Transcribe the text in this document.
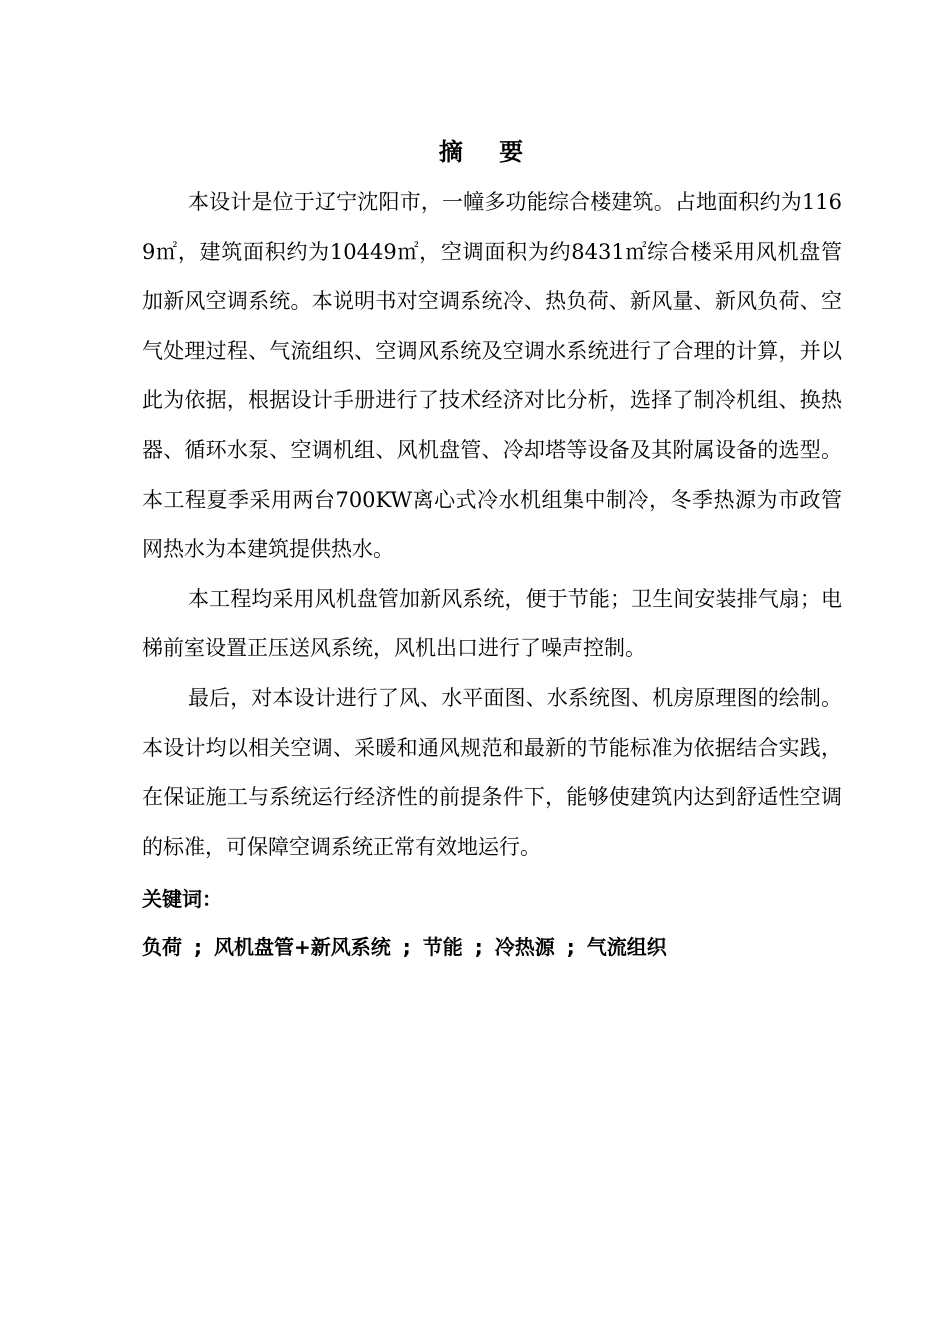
摘 要

本设计是位于辽宁沈阳市，一幢多功能综合楼建筑。占地面积约为1169㎡，建筑面积约为10449㎡，空调面积为约8431㎡综合楼采用风机盘管加新风空调系统。本说明书对空调系统冷、热负荷、新风量、新风负荷、空气处理过程、气流组织、空调风系统及空调水系统进行了合理的计算，并以此为依据，根据设计手册进行了技术经济对比分析，选择了制冷机组、换热器、循环水泵、空调机组、风机盘管、冷却塔等设备及其附属设备的选型。本工程夏季采用两台700KW离心式冷水机组集中制冷，冬季热源为市政管网热水为本建筑提供热水。

本工程均采用风机盘管加新风系统，便于节能；卫生间安装排气扇；电梯前室设置正压送风系统，风机出口进行了噪声控制。

最后，对本设计进行了风、水平面图、水系统图、机房原理图的绘制。本设计均以相关空调、采暖和通风规范和最新的节能标准为依据结合实践，在保证施工与系统运行经济性的前提条件下，能够使建筑内达到舒适性空调的标准，可保障空调系统正常有效地运行。

关键词：
负荷 ; 风机盘管+新风系统 ; 节能 ; 冷热源 ; 气流组织
